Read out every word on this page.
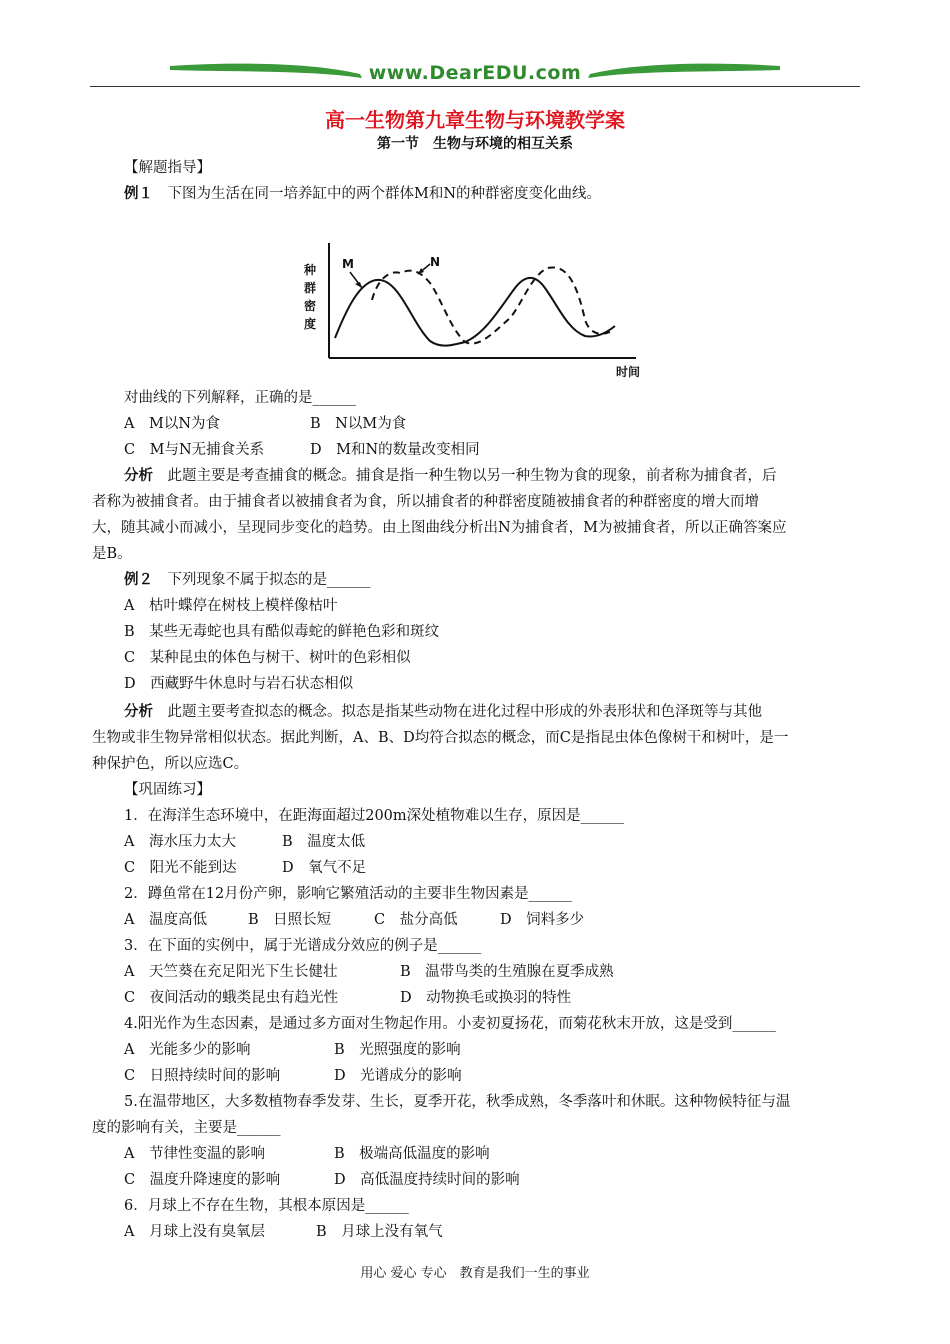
www.DearEDU.com
高一生物第九章生物与环境教学案
第一节　生物与环境的相互关系
【解题指导】
例１　下图为生活在同一培养缸中的两个群体M和N的种群密度变化曲线。
种
群
密
度
时间
M	N
对曲线的下列解释，正确的是______
A　M以N为食	B　N以M为食
C　M与N无捕食关系	D　M和N的数量改变相同
分析　此题主要是考查捕食的概念。捕食是指一种生物以另一种生物为食的现象，前者称为捕食者，后
者称为被捕食者。由于捕食者以被捕食者为食，所以捕食者的种群密度随被捕食者的种群密度的增大而增
大，随其减小而减小，呈现同步变化的趋势。由上图曲线分析出N为捕食者，M为被捕食者，所以正确答案应
是B。
例２　下列现象不属于拟态的是______
A　枯叶蝶停在树枝上模样像枯叶
B　某些无毒蛇也具有酷似毒蛇的鲜艳色彩和斑纹
C　某种昆虫的体色与树干、树叶的色彩相似
D　西藏野牛休息时与岩石状态相似
分析　此题主要考查拟态的概念。拟态是指某些动物在进化过程中形成的外表形状和色泽斑等与其他
生物或非生物异常相似状态。据此判断，A、B、D均符合拟态的概念，而C是指昆虫体色像树干和树叶，是一
种保护色，所以应选C。
【巩固练习】
1．在海洋生态环境中，在距海面超过200m深处植物难以生存，原因是______
A　海水压力太大	B　温度太低
C　阳光不能到达	D　氧气不足
2．蹲鱼常在12月份产卵，影响它繁殖活动的主要非生物因素是______
A　温度高低	B　日照长短	C　盐分高低	D　饲料多少
3．在下面的实例中，属于光谱成分效应的例子是______
A　天竺葵在充足阳光下生长健壮	B　温带鸟类的生殖腺在夏季成熟
C　夜间活动的蛾类昆虫有趋光性	D　动物换毛或换羽的特性
4.阳光作为生态因素，是通过多方面对生物起作用。小麦初夏扬花，而菊花秋末开放，这是受到______
A　光能多少的影响	B　光照强度的影响
C　日照持续时间的影响	D　光谱成分的影响
5.在温带地区，大多数植物春季发芽、生长，夏季开花，秋季成熟，冬季落叶和休眠。这种物候特征与温
度的影响有关，主要是______
A　节律性变温的影响	B　极端高低温度的影响
C　温度升降速度的影响	D　高低温度持续时间的影响
6．月球上不存在生物，其根本原因是______
A　月球上没有臭氧层	B　月球上没有氧气
用心 爱心 专心　教育是我们一生的事业
